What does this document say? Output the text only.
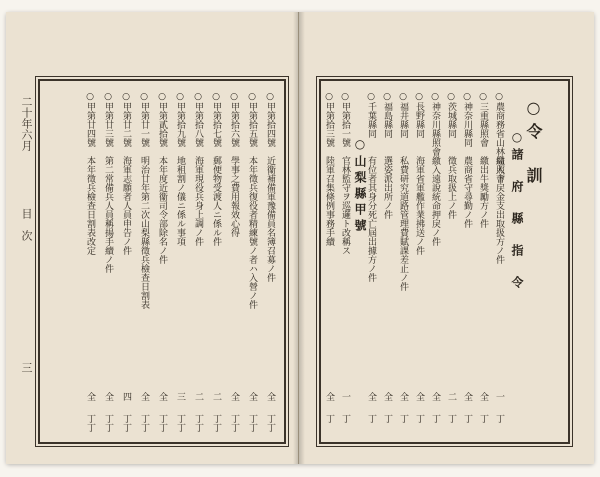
二十年六月
目　次
三
○甲第拾四號
近衞補備軍豫備員名簿召募ノ件
全
丁丁
○甲第拾五號
本年徵兵復役者精練號ノ者ハ入營ノ件
全
丁丁
○甲第拾六號
學事之費用報效心得
全
丁丁
○甲第拾七號
郵便物受渡人ニ係ル件
二
丁丁
○甲第拾八號
海軍現役兵身上調ノ件
二
丁丁
○甲第拾九號
地租割ノ儀ニ係ル事項
三
丁丁
○甲第貳拾號
本年度近衞司令部除名ノ件
全
丁丁
○甲第廿一號
明治廿年第二次山梨縣徵兵檢查日割表
全
丁丁
○甲第廿二號
海軍志願者人員申告ノ件
四
丁丁
○甲第廿三號
第二常備兵人員稱揚手續ノ件
全
丁丁
○甲第廿四號
本年徵兵檢查日割表改定
全
丁丁
○令　訓
○諸　府　縣　指　令
○山梨縣甲號
○農商務省山林局照會
繳入下戻金支出取扱方ノ件
一
丁
○三重縣照會
繳出牛獎勵方ノ件
全
丁
○神奈川縣同
農商省守尋勤ノ件
全
丁
○茨城縣同
徵兵取扱上ノ件
二
丁
○神奈川縣照會
繳入遠說統命押戾ノ件
全
丁
○長野縣同
海軍省軍艦作業拂送ノ件
全
丁
○福井縣同
私費研究道路管理費賦課差止ノ件
全
丁
○福島縣同
選姿派出所ノ件
全
丁
○千葉縣同
有位者其身分死亡屆出據方ノ件
全
丁
○甲第拾一號
官林監守ヲ巡邏ト改稱ス
一
丁
○甲第拾三號
陸軍召集條例事務手續
全
丁
